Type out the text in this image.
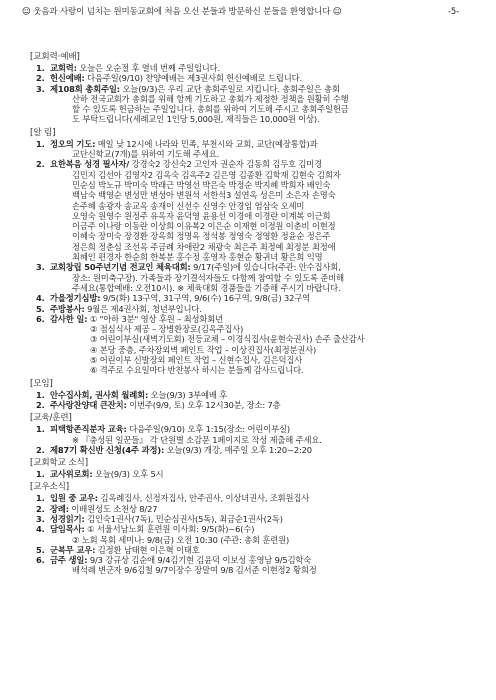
☺ 웃음과 사랑이 넘치는 원미동교회에 처음 오신 분들과 방문하신 분들을 환영합니다 ☺	-5-
[교회력·예배]
1. 교회력: 오늘은 오순절 후 열네 번째 주일입니다.
2. 헌신예배: 다음주일(9/10) 찬양예배는 제3권사회 헌신예배로 드립니다.
3. 제108회 총회주일: 오늘(9/3)은 우리 교단 총회주일로 지킵니다. 총회주일은 총회
산하 전국교회가 총회를 위해 함께 기도하고 총회가 제정한 정책을 원활히 수행
할 수 있도록 헌금하는 주일입니다. 총회를 위하여 기도해 주시고 총회주일헌금
도 부탁드립니다(세례교인 1인당 5,000원, 제직들은 10,000원 이상).
[알 림]
1. 정오의 기도: 매일 낮 12시에 나라와 민족, 부천시와 교회, 교단(예장통합)과
교단신학교(7개)를 위하여 기도해 주세요.
2. 요한복음 성경 필사자/ 강경숙2 강신숙2 고인자 권순자 김동희 김두호 김미경
김민지 김선아 김영자2 김옥숙 김옥주2 김은영 김종환 김학재 김현숙 김희자
민순심 박노규 박미숙 박래근 박영선 박은숙 박정순 박지혜 박희자 배인숙
백남숙 백영순 변성만 변성아 변원석 서한석3 설연옥 성은미 소은자 손명숙
손주혜 송광자 송교옥 송재이 신선수 신영수 안경임 엄삼숙 오세미
오영숙 원영수 원정주 유옥자 윤덕영 윤용선 이경애 이경란 이계복 이근희
이금주 이나랑 이동란 이상희 이유복2 이은순 이재현 이정원 이춘비 이현정
이혜숙 장미숙 장경환 장옥희 정명옥 정석봉 정영숙 정영환 정윤순 정은주
정은희 정춘심 조선옥 주금례 차애란2 채광숙 최은주 최정예 최정분 최정애
최혜인 편경자 한순희 한복분 홍수정 홍영자 홍현순 황귀녀 황은희 익명
3. 교회창립 50주년기념 전교인 체육대회: 9/17(주일)에 있습니다(주관: 안수집사회,
장소: 원미축구장). 가족들과 장기결석자들도 다함께 참여할 수 있도록 준비해
주세요(통합예배: 오전10시). ※ 체육대회 경품들을 기증해 주시기 바랍니다.
4. 가을정기심방: 9/5(화) 13구역, 31구역, 9/6(수) 16구역, 9/8(금) 32구역
5. 주방봉사: 9월은 제4권사회, 청년부입니다.
6. 감사한 일: ① "아하 3분" 영상 후원 – 최성화회년
② 점심식사 제공 – 장병환장로(김옥주집사)
③ 어린이부실(새벽기도회) 전등교체 – 이경식집사(윤현숙권사) 손주 출산감사
④ 본당 중층, 주차장외벽 페인트 작업 – 이상진집사(최정분권사)
⑤ 어린이부 신발장외 페인트 작업 – 신현수집사, 김은덕집사
⑥ 격주로 수요일마다 반찬봉사 하시는 분들께 감사드립니다.
[모임]
1. 안수집사회, 권사회 월례회: 오늘(9/3) 3부예배 후
2. 주사랑찬양대 큰잔치: 이번주(9/9, 토) 오후 12시30분, 장소: 7층
[교육/훈련]
1. 피택항존직분자 교육: 다음주일(9/10) 오후 1:15(장소: 어린이부실)
※ 『충성된 일꾼들』 각 단원별 소감문 1페이지로 작성 제출해 주세요.
2. 제87기 확신반 신청(4주 과정): 오늘(9/3) 개강, 매주일 오후 1:20~2:20
[교회학교 소식]
1. 교사위로회: 오늘(9/3) 오후 5시
[교우소식]
1. 입원 중 교우: 김옥례집사, 신정자집사, 안주권사, 이상녀권사, 조휘원집사
2. 장례: 이배원성도 소천상 8/27
3. 성경읽기: 김인숙1권사(7독), 민순심권사(5독), 최금순1권사(2독)
4. 담임목사: ① 서울서남노회 훈련원 이사회: 9/5(화)~6(수)
② 노회 목회 세미나: 9/8(금) 오전 10:30 (주관: 총회 훈련원)
5. 군복무 교우: 김정환 남태현 이은혁 이태호
6. 금주 생일: 9/3 강규상 김순애 9/4김기현 김윤덕 이보성 홍영남 9/5김학숙
배석례 변군자 9/6김철 9/7이장수 장말여 9/8 김서준 이현정2 황희정
